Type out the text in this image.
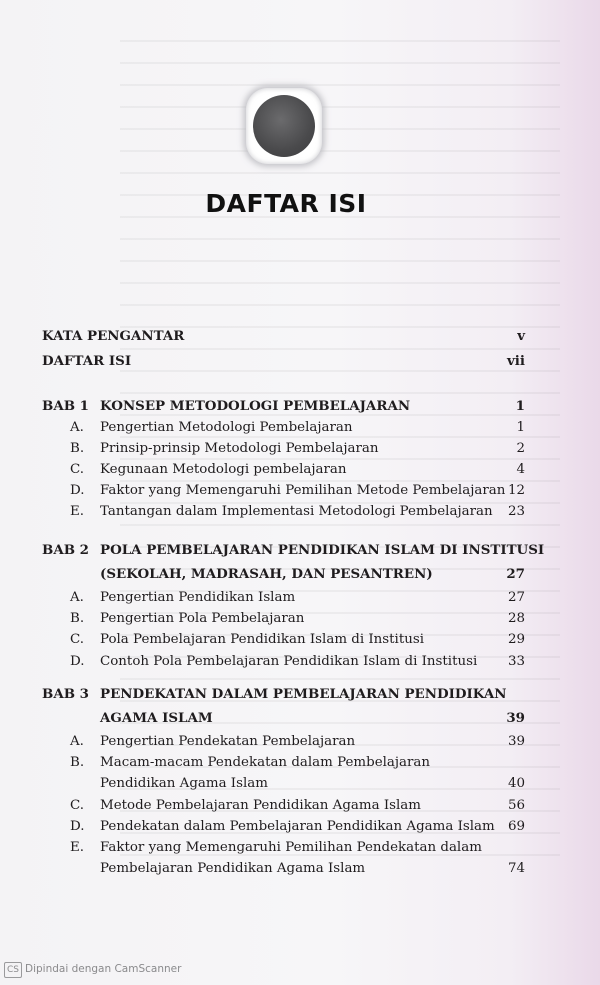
DAFTAR ISI
KATA PENGANTAR	v
DAFTAR ISI	vii
BAB 1 KONSEP METODOLOGI PEMBELAJARAN	1
A. Pengertian Metodologi Pembelajaran	1
B. Prinsip-prinsip Metodologi Pembelajaran	2
C. Kegunaan Metodologi pembelajaran	4
D. Faktor yang Memengaruhi Pemilihan Metode Pembelajaran 12
E. Tantangan dalam Implementasi Metodologi Pembelajaran 23
BAB 2 POLA PEMBELAJARAN PENDIDIKAN ISLAM DI INSTITUSI
(SEKOLAH, MADRASAH, DAN PESANTREN)	27
A. Pengertian Pendidikan Islam	27
B. Pengertian Pola Pembelajaran	28
C. Pola Pembelajaran Pendidikan Islam di Institusi	29
D. Contoh Pola Pembelajaran Pendidikan Islam di Institusi 33
BAB 3 PENDEKATAN DALAM PEMBELAJARAN PENDIDIKAN
AGAMA ISLAM	39
A. Pengertian Pendekatan Pembelajaran	39
B. Macam-macam Pendekatan dalam Pembelajaran
Pendidikan Agama Islam	40
C. Metode Pembelajaran Pendidikan Agama Islam	56
D. Pendekatan dalam Pembelajaran Pendidikan Agama Islam 69
E. Faktor yang Memengaruhi Pemilihan Pendekatan dalam
Pembelajaran Pendidikan Agama Islam	74
CS Dipindai dengan CamScanner
